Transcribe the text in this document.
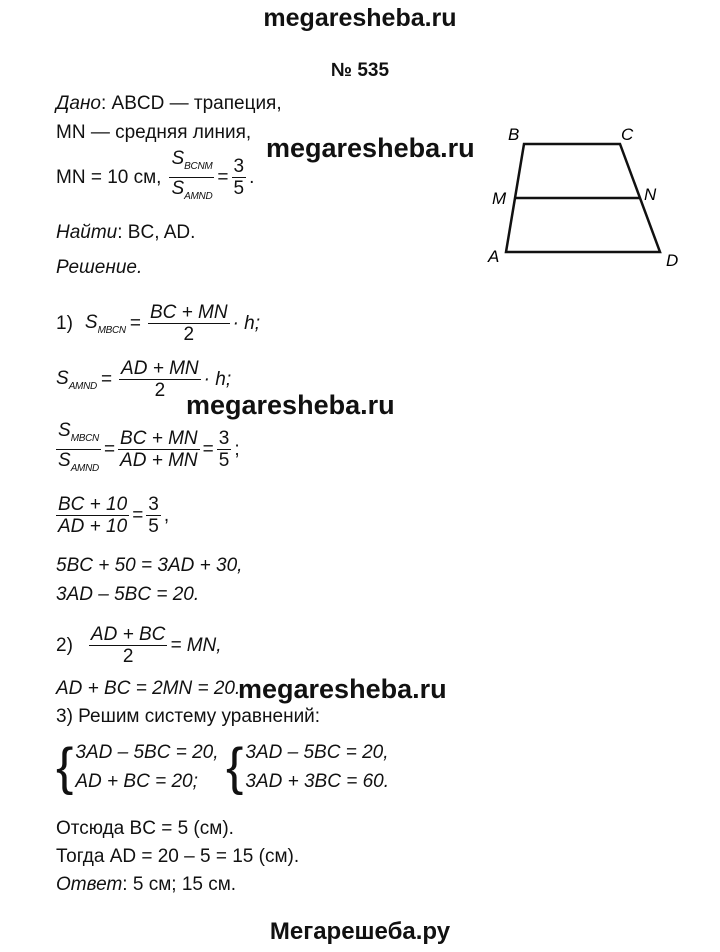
megaresheba.ru
№ 535
Дано: ABCD — трапеция,
MN — средняя линия,
MN = 10 см, $\frac{S_{BCNM}}{S_{AMND}} = \frac{3}{5}$ .
Найти: BC, AD.
Решение.
B	C
M	N
A	D
megaresheba.ru
megaresheba.ru
megaresheba.ru
1) $S_{MBCN} = \frac{BC + MN}{2} \cdot h$;
$S_{AMND} = \frac{AD + MN}{2} \cdot h$;
$\frac{S_{MBCN}}{S_{AMND}} = \frac{BC + MN}{AD + MN} = \frac{3}{5}$ ;
$\frac{BC + 10}{AD + 10} = \frac{3}{5}$ ,
5BC + 50 = 3AD + 30,
3AD – 5BC = 20.
$2) \frac{AD + BC}{2}$ = MN,
AD + BC = 2MN = 20.
3) Решим систему уравнений:
{ 3AD – 5BC = 20,
AD + BC = 20; { 3AD – 5BC = 20,
3AD + 3BC = 60.
Отсюда BC = 5 (см).
Тогда AD = 20 – 5 = 15 (см).
Ответ: 5 см; 15 см.
Мегарешеба.ру
